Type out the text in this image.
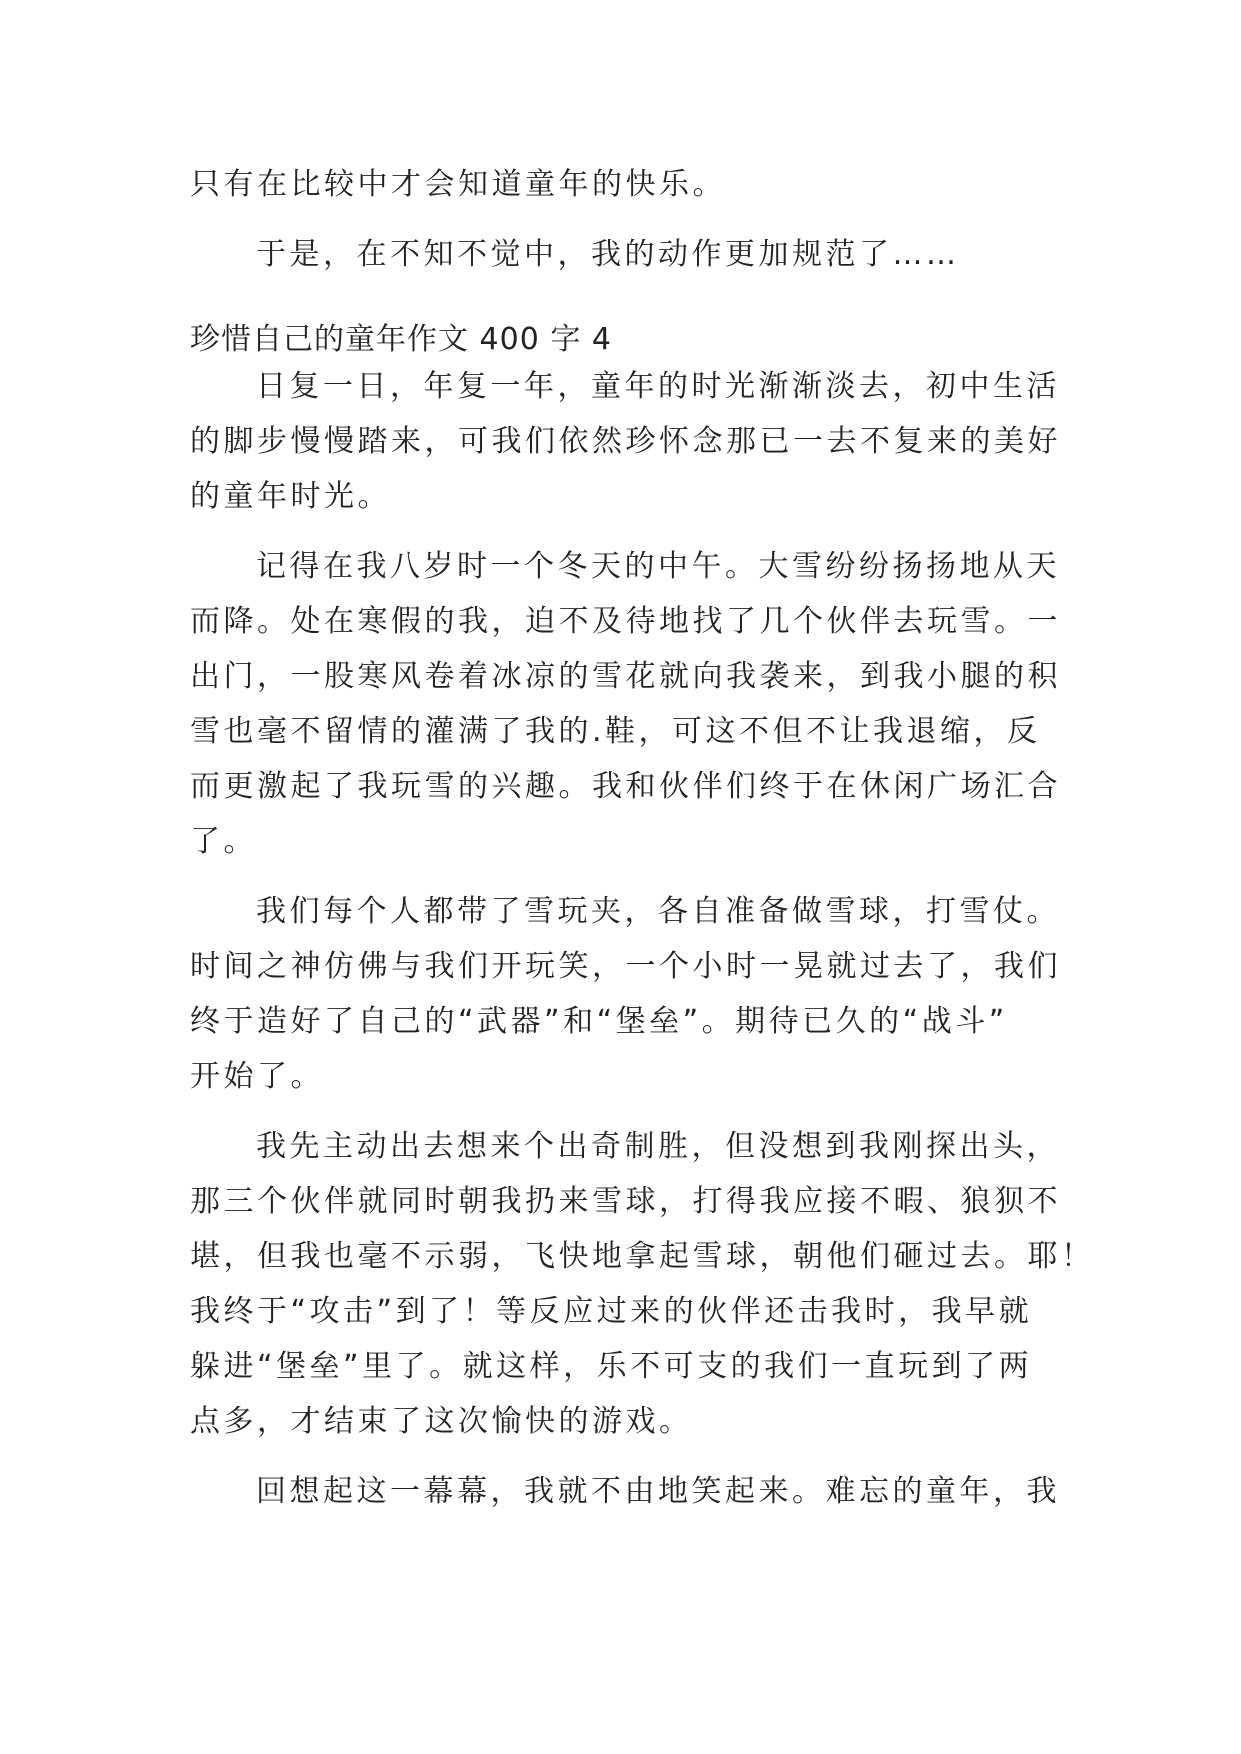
只有在比较中才会知道童年的快乐。
于是，在不知不觉中，我的动作更加规范了……
珍惜自己的童年作文 400 字 4
日复一日，年复一年，童年的时光渐渐淡去，初中生活
的脚步慢慢踏来，可我们依然珍怀念那已一去不复来的美好
的童年时光。
记得在我八岁时一个冬天的中午。大雪纷纷扬扬地从天
而降。处在寒假的我，迫不及待地找了几个伙伴去玩雪。一
出门，一股寒风卷着冰凉的雪花就向我袭来，到我小腿的积
雪也毫不留情的灌满了我的.鞋，可这不但不让我退缩，反
而更激起了我玩雪的兴趣。我和伙伴们终于在休闲广场汇合
了。
我们每个人都带了雪玩夹，各自准备做雪球，打雪仗。
时间之神仿佛与我们开玩笑，一个小时一晃就过去了，我们
终于造好了自己的“武器”和“堡垒”。期待已久的“战斗”
开始了。
我先主动出去想来个出奇制胜，但没想到我刚探出头，
那三个伙伴就同时朝我扔来雪球，打得我应接不暇、狼狈不
堪，但我也毫不示弱，飞快地拿起雪球，朝他们砸过去。耶！
我终于“攻击”到了！等反应过来的伙伴还击我时，我早就
躲进“堡垒”里了。就这样，乐不可支的我们一直玩到了两
点多，才结束了这次愉快的游戏。
回想起这一幕幕，我就不由地笑起来。难忘的童年，我
